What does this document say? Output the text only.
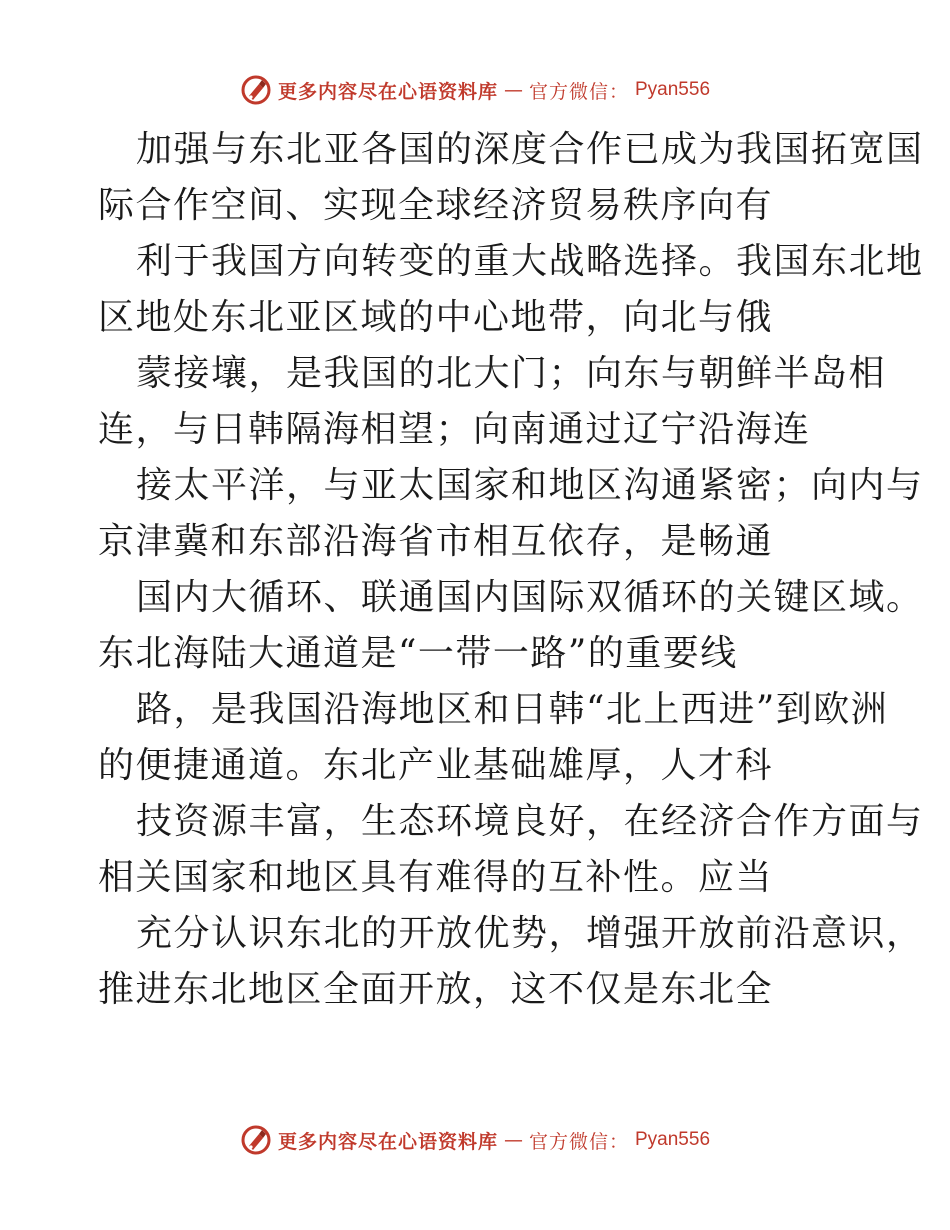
更多内容尽在心语资料库 — 官方微信： Pyan556
加强与东北亚各国的深度合作已成为我国拓宽国
际合作空间、实现全球经济贸易秩序向有
利于我国方向转变的重大战略选择。我国东北地
区地处东北亚区域的中心地带，向北与俄
蒙接壤，是我国的北大门；向东与朝鲜半岛相
连，与日韩隔海相望；向南通过辽宁沿海连
接太平洋，与亚太国家和地区沟通紧密；向内与
京津冀和东部沿海省市相互依存，是畅通
国内大循环、联通国内国际双循环的关键区域。
东北海陆大通道是“一带一路”的重要线
路，是我国沿海地区和日韩“北上西进”到欧洲
的便捷通道。东北产业基础雄厚，人才科
技资源丰富，生态环境良好，在经济合作方面与
相关国家和地区具有难得的互补性。应当
充分认识东北的开放优势，增强开放前沿意识，
推进东北地区全面开放，这不仅是东北全
更多内容尽在心语资料库 — 官方微信： Pyan556
